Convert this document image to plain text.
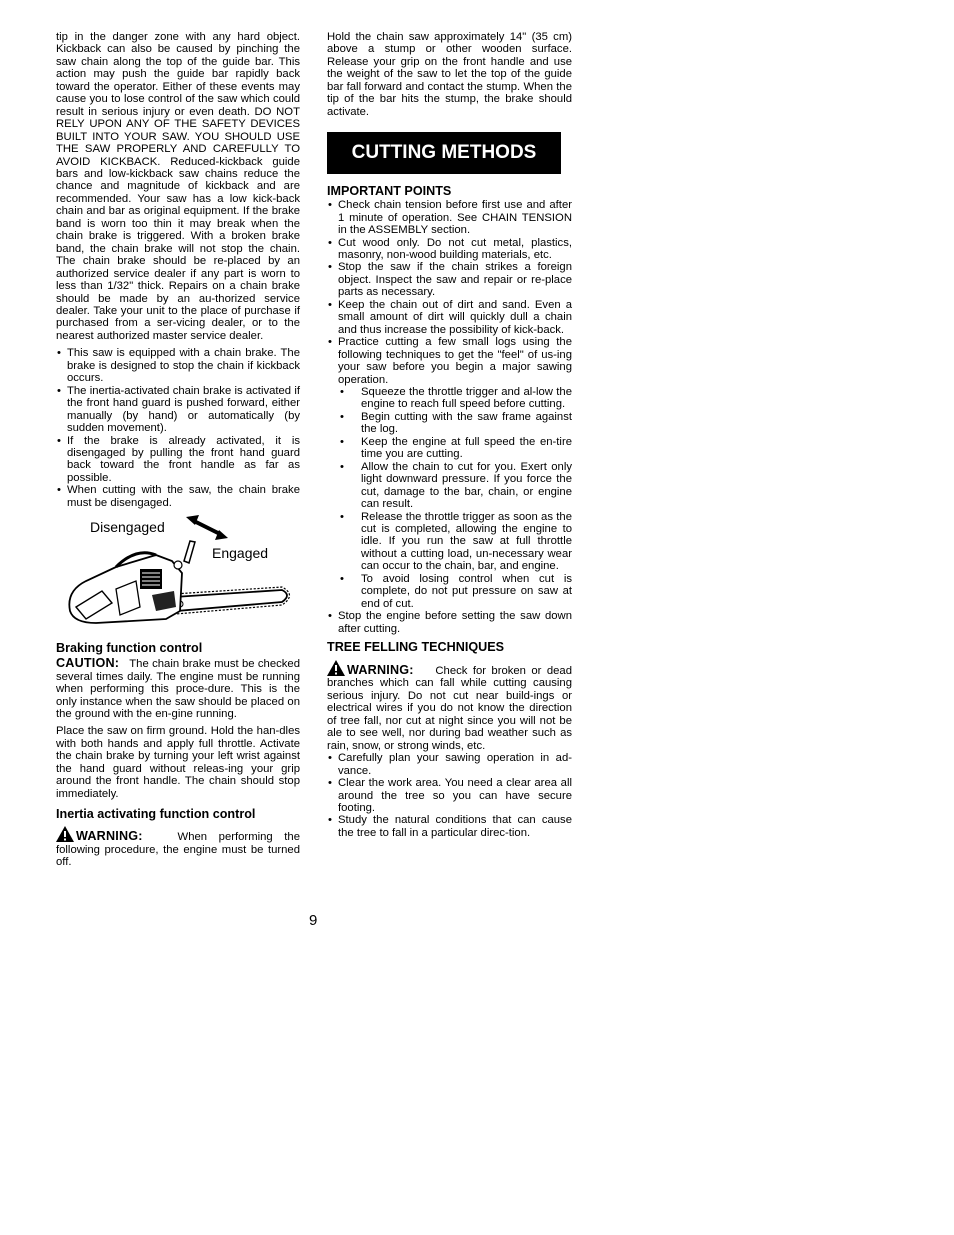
tip in the danger zone with any hard object. Kickback can also be caused by pinching the saw chain along the top of the guide bar. This action may push the guide bar rapidly back toward the operator. Either of these events may cause you to lose control of the saw which could result in serious injury or even death. DO NOT RELY UPON ANY OF THE SAFETY DEVICES BUILT INTO YOUR SAW. YOU SHOULD USE THE SAW PROPERLY AND CAREFULLY TO AVOID KICKBACK. Reduced-kickback guide bars and low-kickback saw chains reduce the chance and magnitude of kickback and are recommended. Your saw has a low kick-back chain and bar as original equipment. If the brake band is worn too thin it may break when the chain brake is triggered. With a broken brake band, the chain brake will not stop the chain. The chain brake should be re-placed by an authorized service dealer if any part is worn to less than 1/32" thick. Repairs on a chain brake should be made by an au-thorized service dealer. Take your unit to the place of purchase if purchased from a ser-vicing dealer, or to the nearest authorized master service dealer.

• This saw is equipped with a chain brake. The brake is designed to stop the chain if kickback occurs.
• The inertia-activated chain brake is activated if the front hand guard is pushed forward, either manually (by hand) or automatically (by sudden movement).
• If the brake is already activated, it is disengaged by pulling the front hand guard back toward the front handle as far as possible.
• When cutting with the saw, the chain brake must be disengaged.
Disengaged
Engaged
Braking function control

CAUTION: The chain brake must be checked several times daily. The engine must be running when performing this proce-dure. This is the only instance when the saw should be placed on the ground with the en-gine running.

Place the saw on firm ground. Hold the han-dles with both hands and apply full throttle. Activate the chain brake by turning your left wrist against the hand guard without releas-ing your grip around the front handle. The chain should stop immediately.

Inertia activating function control

WARNING:	When performing the following procedure, the engine must be turned off.

Hold the chain saw approximately 14" (35 cm) above a stump or other wooden surface. Release your grip on the front handle and use the weight of the saw to let the top of the guide bar fall forward and contact the stump. When the tip of the bar hits the stump, the brake should activate.

CUTTING METHODS
IMPORTANT POINTS
• Check chain tension before first use and after 1 minute of operation. See CHAIN TENSION in the ASSEMBLY section.
• Cut wood only. Do not cut metal, plastics, masonry, non-wood building materials, etc.
• Stop the saw if the chain strikes a foreign object. Inspect the saw and repair or re-place parts as necessary.
• Keep the chain out of dirt and sand. Even a small amount of dirt will quickly dull a chain and thus increase the possibility of kick-back.
• Practice cutting a few small logs using the following techniques to get the "feel" of us-ing your saw before you begin a major sawing operation.
• Squeeze the throttle trigger and al-low the engine to reach full speed before cutting.
• Begin cutting with the saw frame against the log.
• Keep the engine at full speed the en-tire time you are cutting.
• Allow the chain to cut for you. Exert only light downward pressure. If you force the cut, damage to the bar, chain, or engine can result.
• Release the throttle trigger as soon as the cut is completed, allowing the engine to idle. If you run the saw at full throttle without a cutting load, un-necessary wear can occur to the chain, bar, and engine.
• To avoid losing control when cut is complete, do not put pressure on saw at end of cut.
• Stop the engine before setting the saw down after cutting.
TREE FELLING TECHNIQUES

WARNING: Check for broken or dead branches which can fall while cutting causing serious injury. Do not cut near build-ings or electrical wires if you do not know the direction of tree fall, nor cut at night since you will not be ale to see well, nor during bad weather such as rain, snow, or strong winds, etc.

• Carefully plan your sawing operation in ad-vance.
• Clear the work area. You need a clear area all around the tree so you can have secure footing.
• Study the natural conditions that can cause the tree to fall in a particular direc-tion.
9
